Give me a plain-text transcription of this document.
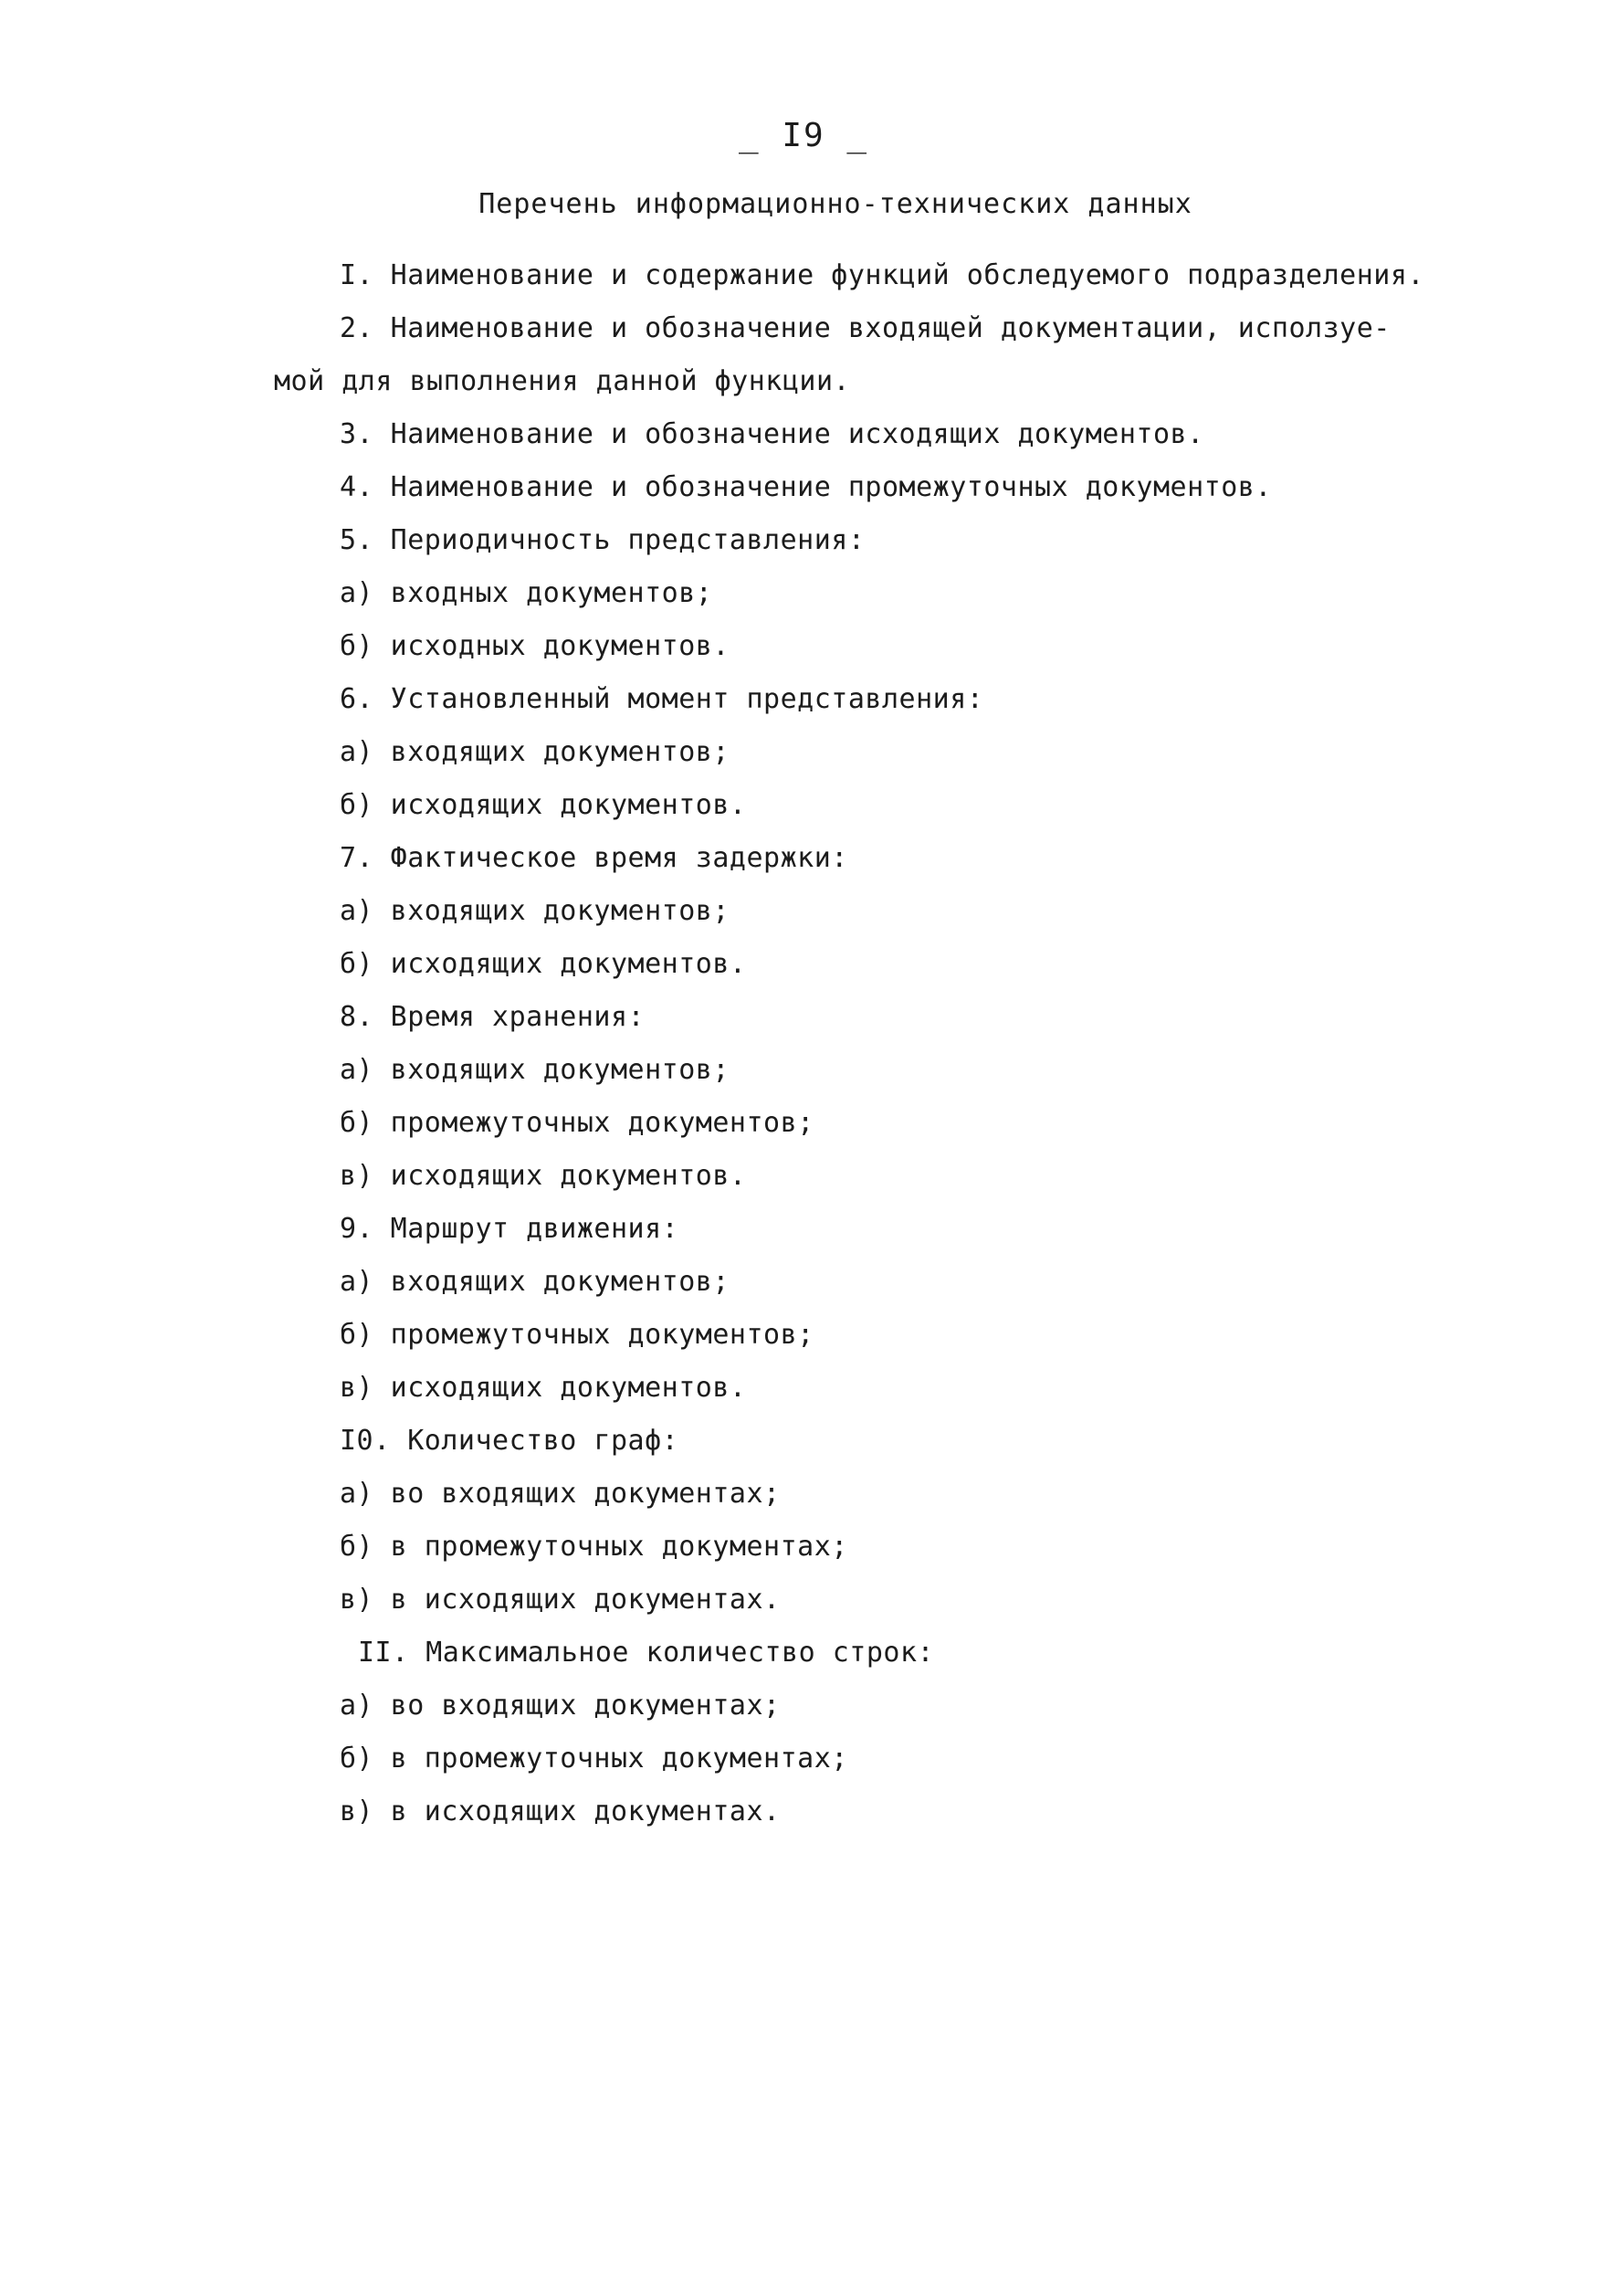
_ I9 _
Перечень информационно-технических данных
I. Наименование и содержание функций обследуемого подразделения.
2. Наименование и обозначение входящей документации, исползуе-
мой для выполнения данной функции.
3. Наименование и обозначение исходящих документов.
4. Наименование и обозначение промежуточных документов.
5. Периодичность представления:
а) входных документов;
б) исходных документов.
6. Установленный момент представления:
а) входящих документов;
б) исходящих документов.
7. Фактическое время задержки:
а) входящих документов;
б) исходящих документов.
8. Время хранения:
а) входящих документов;
б) промежуточных документов;
в) исходящих документов.
9. Маршрут движения:
а) входящих документов;
б) промежуточных документов;
в) исходящих документов.
I0. Количество граф:
а) во входящих документах;
б) в промежуточных документах;
в) в исходящих документах.
II. Максимальное количество строк:
а) во входящих документах;
б) в промежуточных документах;
в) в исходящих документах.
